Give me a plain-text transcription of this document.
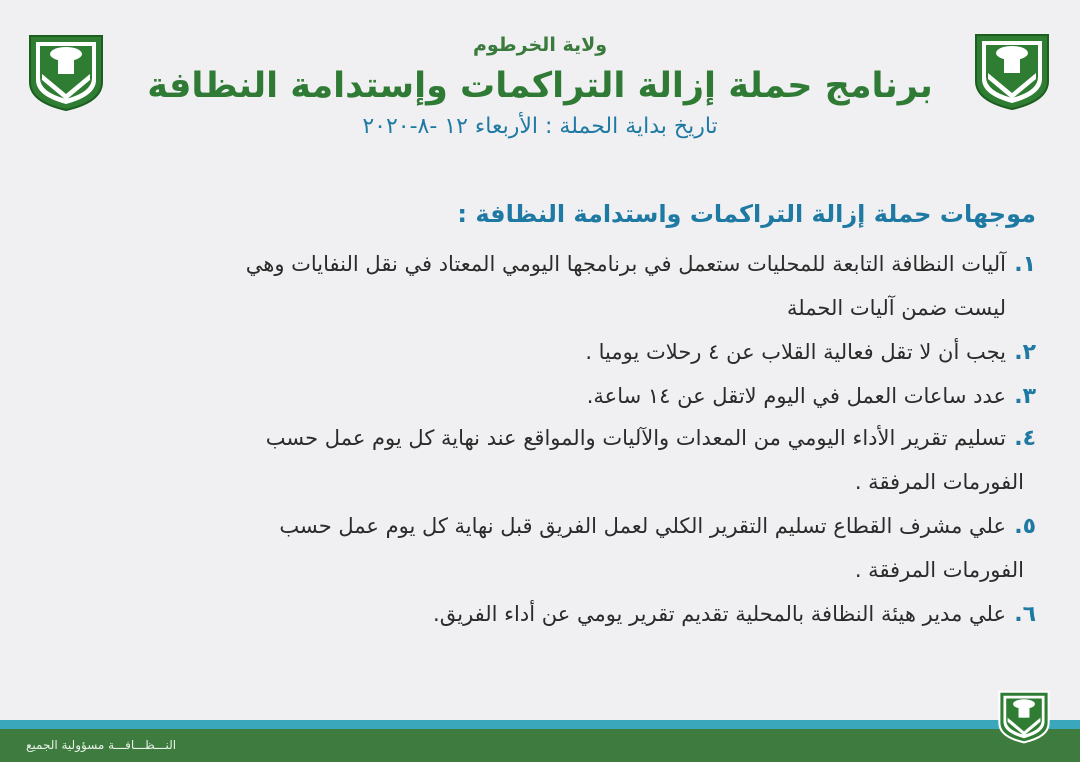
ولاية الخرطوم
برنامج حملة إزالة التراكمات وإستدامة النظافة
تاريخ بداية الحملة : الأربعاء ١٢ -٨-٢٠٢٠
موجهات حملة إزالة التراكمات واستدامة النظافة :
١.
آليات النظافة التابعة للمحليات ستعمل في برنامجها اليومي المعتاد في نقل النفايات وهي
ليست ضمن آليات الحملة
٢.
يجب أن لا تقل فعالية القلاب عن ٤ رحلات يوميا .
٣.
عدد ساعات العمل في اليوم لاتقل عن ١٤ ساعة.
٤.
تسليم تقرير الأداء اليومي من المعدات والآليات والمواقع عند نهاية كل يوم عمل حسب
الفورمات المرفقة .
٥.
علي مشرف القطاع تسليم التقرير الكلي لعمل الفريق قبل نهاية كل يوم عمل حسب
الفورمات المرفقة .
٦.
علي مدير هيئة النظافة بالمحلية تقديم تقرير يومي عن أداء الفريق.
النـــظـــافـــة مسؤولية الجميع
